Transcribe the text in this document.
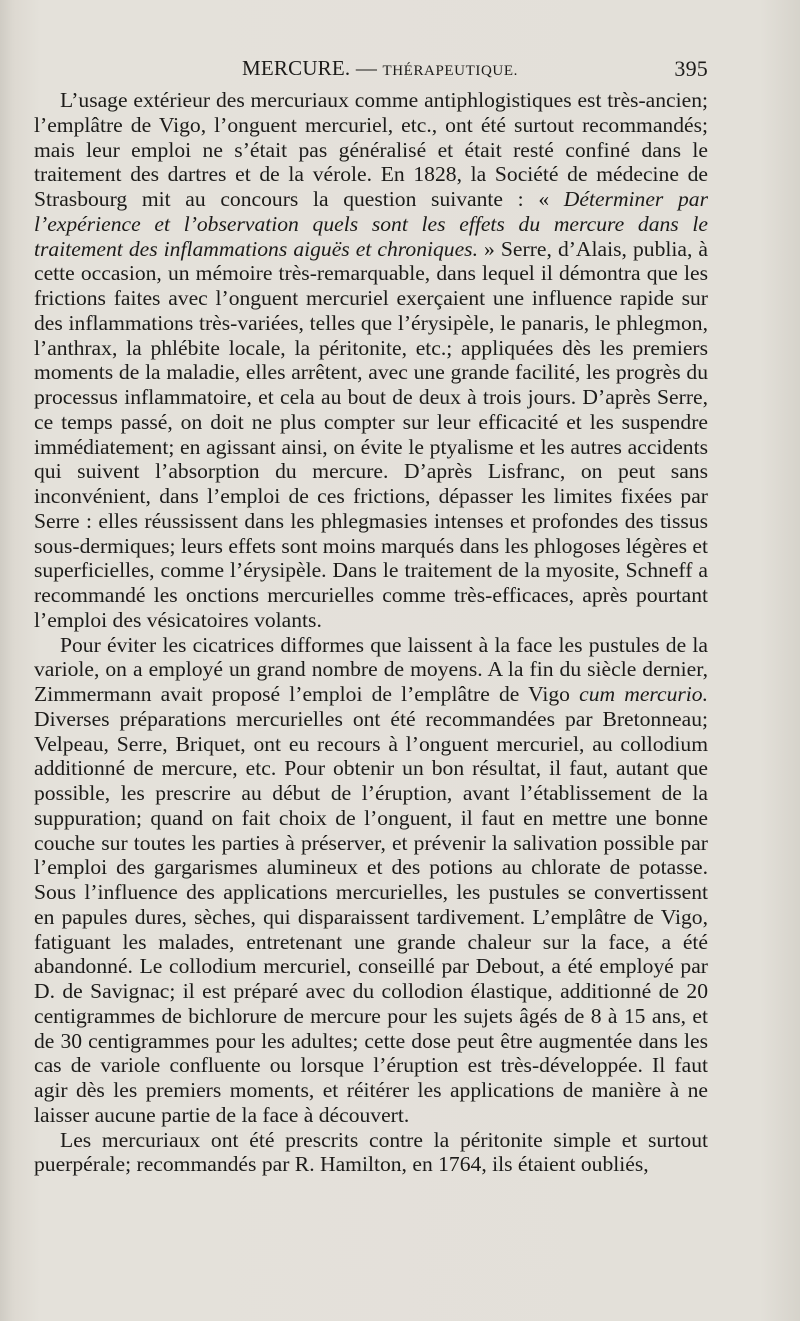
MERCURE. — THÉRAPEUTIQUE.	395

L’usage extérieur des mercuriaux comme antiphlogistiques est très-ancien; l’emplâtre de Vigo, l’onguent mercuriel, etc., ont été surtout recommandés; mais leur emploi ne s’était pas généralisé et était resté confiné dans le traitement des dartres et de la vérole. En 1828, la Société de médecine de Strasbourg mit au concours la question suivante : « Déterminer par l’expérience et l’observation quels sont les effets du mercure dans le traitement des inflammations aiguës et chroniques. » Serre, d’Alais, publia, à cette occasion, un mémoire très-remarquable, dans lequel il démontra que les frictions faites avec l’onguent mercuriel exerçaient une influence rapide sur des inflammations très-variées, telles que l’érysipèle, le panaris, le phlegmon, l’anthrax, la phlébite locale, la péritonite, etc.; appliquées dès les premiers moments de la maladie, elles arrêtent, avec une grande facilité, les progrès du processus inflammatoire, et cela au bout de deux à trois jours. D’après Serre, ce temps passé, on doit ne plus compter sur leur efficacité et les suspendre immédiatement; en agissant ainsi, on évite le ptyalisme et les autres accidents qui suivent l’absorption du mercure. D’après Lisfranc, on peut sans inconvénient, dans l’emploi de ces frictions, dépasser les limites fixées par Serre : elles réussissent dans les phlegmasies intenses et profondes des tissus sous-dermiques; leurs effets sont moins marqués dans les phlogoses légères et superficielles, comme l’érysipèle. Dans le traitement de la myosite, Schneff a recommandé les onctions mercurielles comme très-efficaces, après pourtant l’emploi des vésicatoires volants.

Pour éviter les cicatrices difformes que laissent à la face les pustules de la variole, on a employé un grand nombre de moyens. A la fin du siècle dernier, Zimmermann avait proposé l’emploi de l’emplâtre de Vigo cum mercurio. Diverses préparations mercurielles ont été recommandées par Bretonneau; Velpeau, Serre, Briquet, ont eu recours à l’onguent mercuriel, au collodium additionné de mercure, etc. Pour obtenir un bon résultat, il faut, autant que possible, les prescrire au début de l’éruption, avant l’établissement de la suppuration; quand on fait choix de l’onguent, il faut en mettre une bonne couche sur toutes les parties à préserver, et prévenir la salivation possible par l’emploi des gargarismes alumineux et des potions au chlorate de potasse. Sous l’influence des applications mercurielles, les pustules se convertissent en papules dures, sèches, qui disparaissent tardivement. L’emplâtre de Vigo, fatiguant les malades, entretenant une grande chaleur sur la face, a été abandonné. Le collodium mercuriel, conseillé par Debout, a été employé par D. de Savignac; il est préparé avec du collodion élastique, additionné de 20 centigrammes de bichlorure de mercure pour les sujets âgés de 8 à 15 ans, et de 30 centigrammes pour les adultes; cette dose peut être augmentée dans les cas de variole confluente ou lorsque l’éruption est très-développée. Il faut agir dès les premiers moments, et réitérer les applications de manière à ne laisser aucune partie de la face à découvert.

Les mercuriaux ont été prescrits contre la péritonite simple et surtout puerpérale; recommandés par R. Hamilton, en 1764, ils étaient oubliés,
